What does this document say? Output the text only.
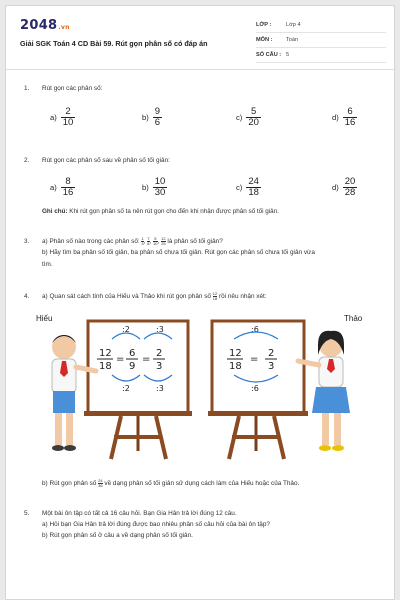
2048.vn
Giải SGK Toán 4 CD Bài 59. Rút gọn phân số có đáp án
LỚP :	Lớp 4
MÔN :	Toán
SỐ CÂU : 5
1. Rút gọn các phân số:
$a) \frac{2}{10}$	$b) \frac{9}{6}$	$c) \frac{5}{20}$	$d) \frac{6}{16}$
2. Rút gọn các phân số sau về phân số tối giản:
$a) \frac{8}{16}$	$b) \frac{10}{30}$	$c) \frac{24}{18}$	$d) \frac{20}{28}$
Ghi chú: Khi rút gọn phân số ta nên rút gọn cho đến khi nhận được phân số tối giản.
3. a) Phân số nào trong các phân số: $\frac{1}{4}$ , $\frac{7}{8}$ , $\frac{5}{10}$ , $\frac{12}{25}$ là phân số tối giản?
b) Hãy tìm ba phân số tối giản, ba phân số chưa tối giản. Rút gọn các phân số chưa tối giản vừa
tìm.
4. a) Quan sát cách tính của Hiếu và Thảo khi rút gọn phân số $\frac{12}{18}$ rồi nêu nhận xét:
:2	:3
12
18
=
6
9
=
2
3
:2	:3
:6
12
18
=
2
3
:6
Hiếu	Thảo
b) Rút gọn phân số $\frac{24}{36}$ về dạng phân số tối giản sử dụng cách làm của Hiếu hoặc của Thảo.
5. Một bài ôn tập có tất cả 16 câu hỏi. Bạn Gia Hân trả lời đúng 12 câu.
a) Hỏi bạn Gia Hân trả lời đúng được bao nhiêu phân số câu hỏi của bài ôn tập?
b) Rút gọn phân số ở câu a về dạng phân số tối giản.
